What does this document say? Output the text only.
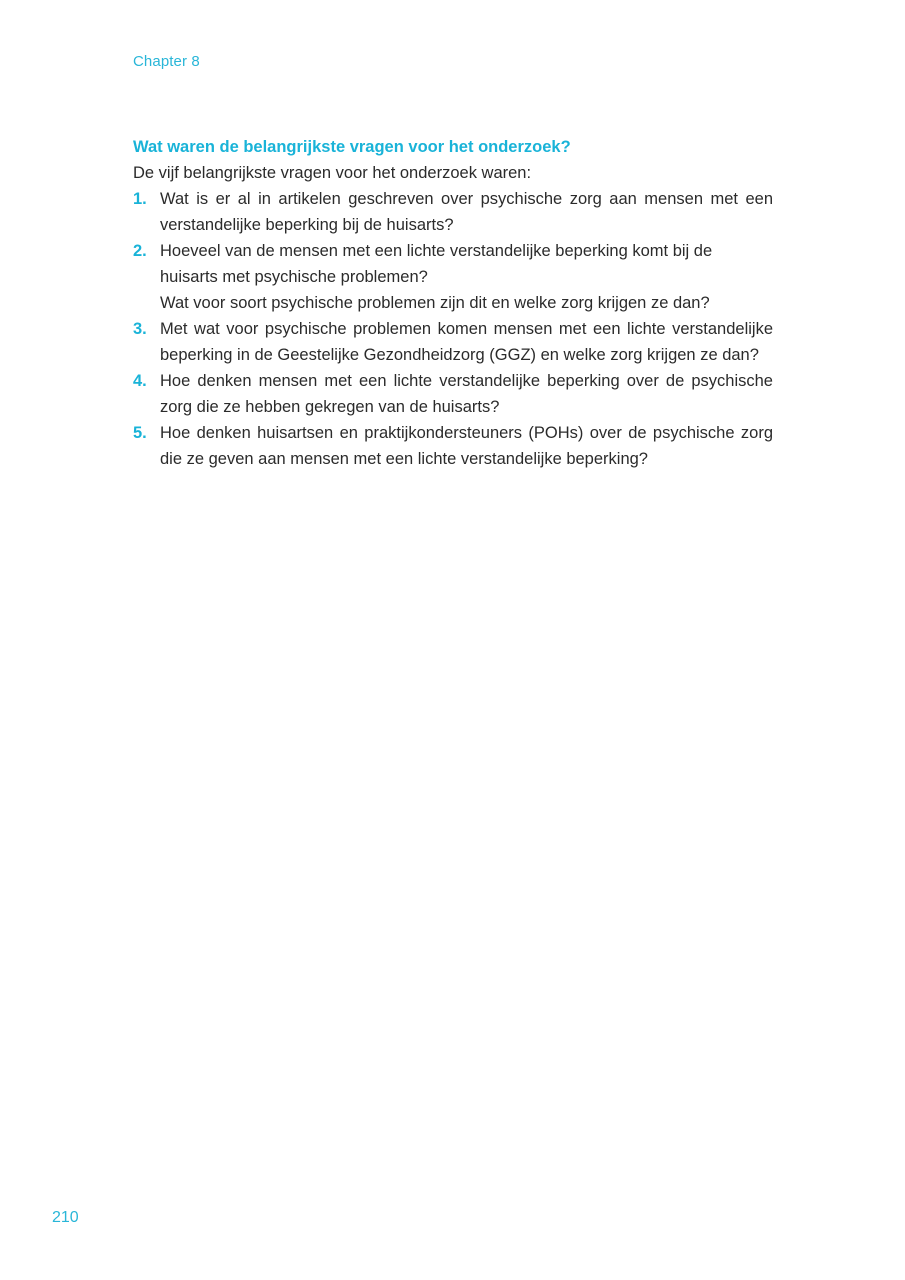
Chapter 8
Wat waren de belangrijkste vragen voor het onderzoek?

De vijf belangrijkste vragen voor het onderzoek waren:

1. Wat is er al in artikelen geschreven over psychische zorg aan mensen met een verstandelijke beperking bij de huisarts?
2. Hoeveel van de mensen met een lichte verstandelijke beperking komt bij de huisarts met psychische problemen?
Wat voor soort psychische problemen zijn dit en welke zorg krijgen ze dan?
3. Met wat voor psychische problemen komen mensen met een lichte verstandelijke beperking in de Geestelijke Gezondheidzorg (GGZ) en welke zorg krijgen ze dan?
4. Hoe denken mensen met een lichte verstandelijke beperking over de psychische zorg die ze hebben gekregen van de huisarts?
5. Hoe denken huisartsen en praktijkondersteuners (POHs) over de psychische zorg die ze geven aan mensen met een lichte verstandelijke beperking?
210
